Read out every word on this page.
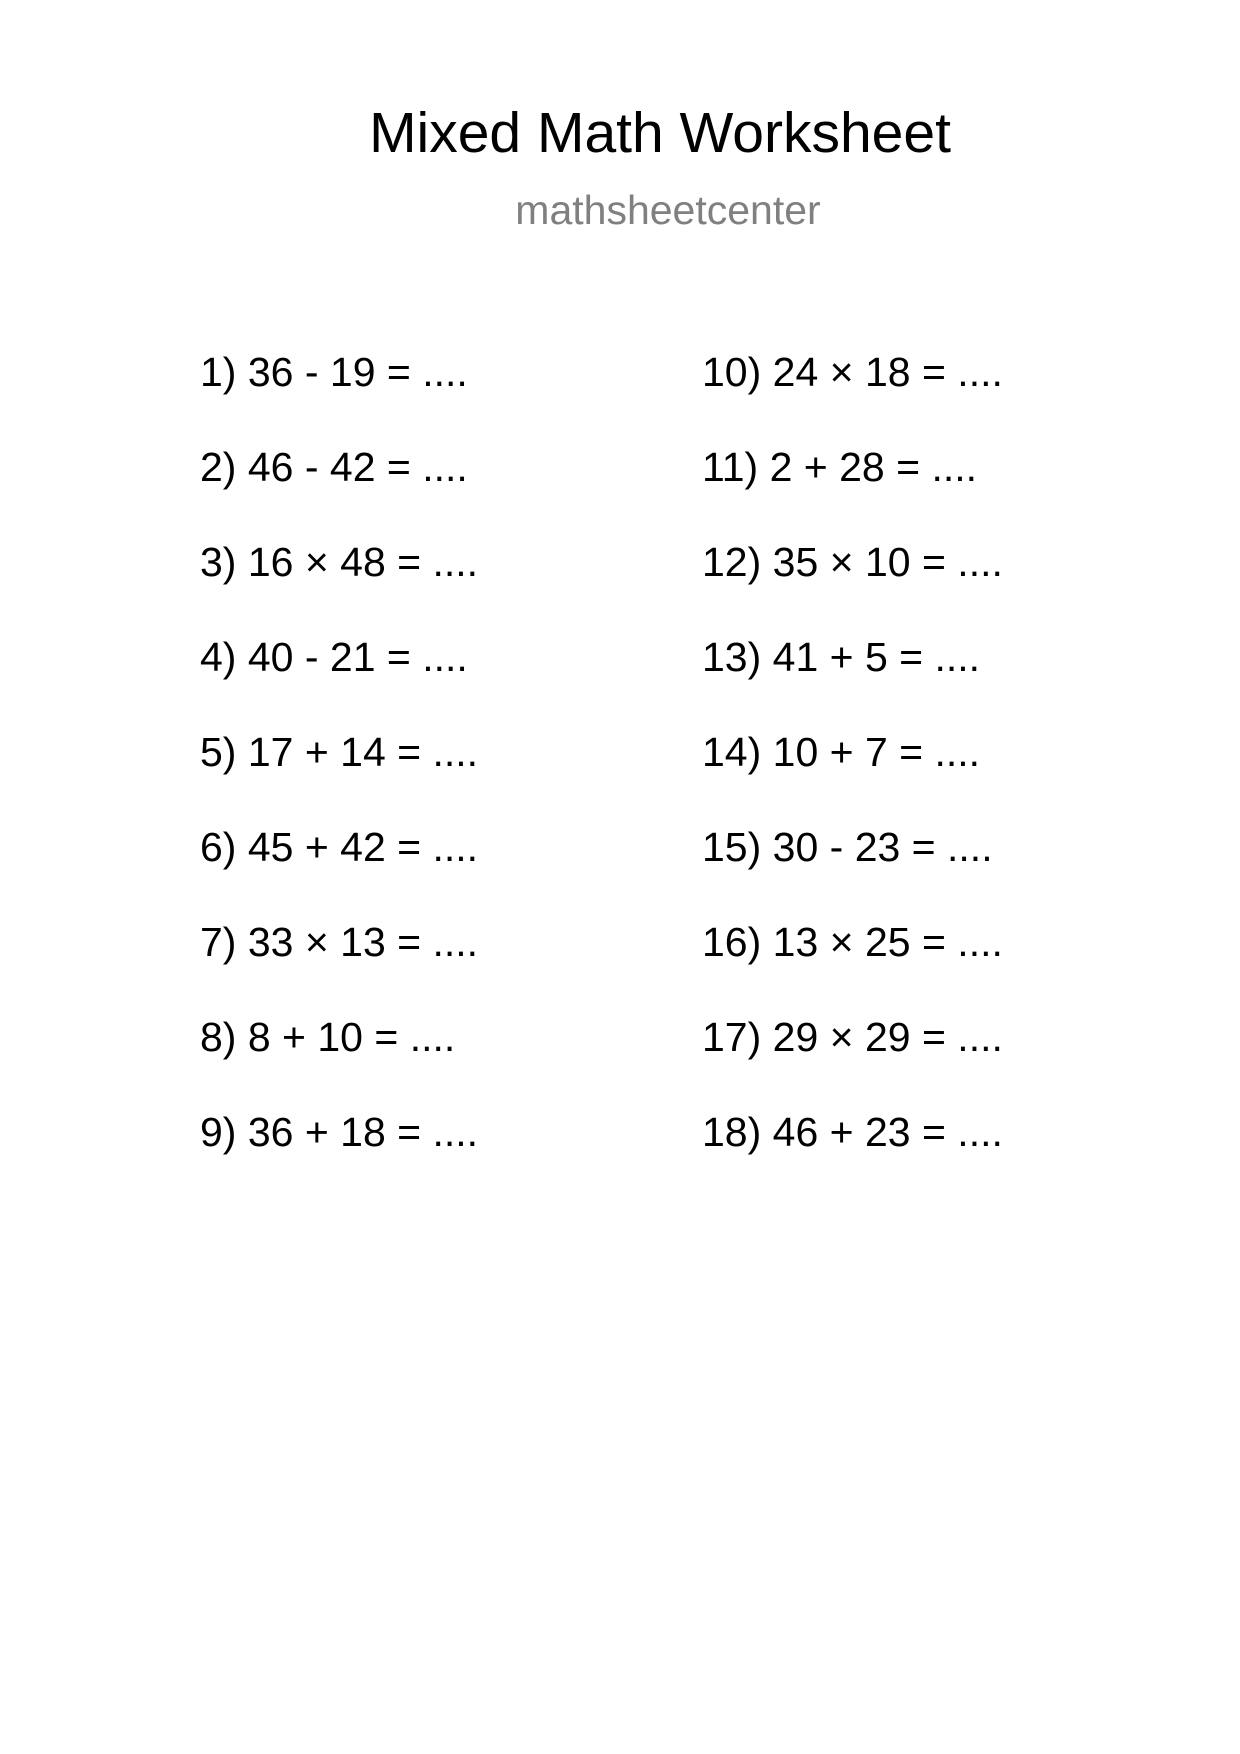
Mixed Math Worksheet
mathsheetcenter
1) 36 - 19 = ....
2) 46 - 42 = ....
3) 16 × 48 = ....
4) 40 - 21 = ....
5) 17 + 14 = ....
6) 45 + 42 = ....
7) 33 × 13 = ....
8) 8 + 10 = ....
9) 36 + 18 = ....
10) 24 × 18 = ....
11) 2 + 28 = ....
12) 35 × 10 = ....
13) 41 + 5 = ....
14) 10 + 7 = ....
15) 30 - 23 = ....
16) 13 × 25 = ....
17) 29 × 29 = ....
18) 46 + 23 = ....
